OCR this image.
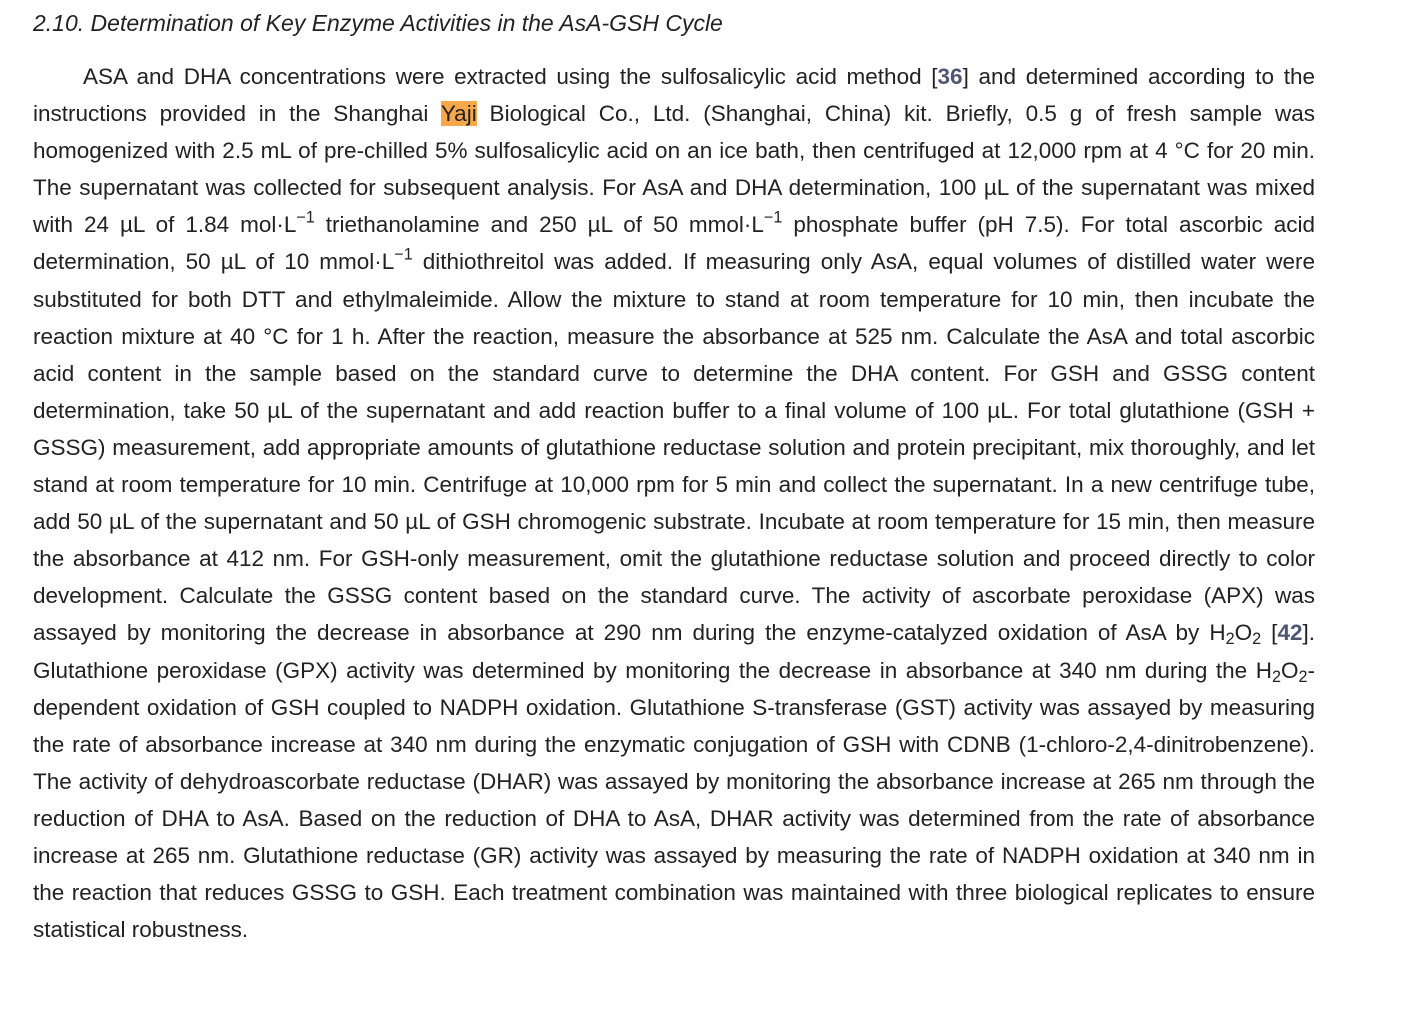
2.10. Determination of Key Enzyme Activities in the AsA-GSH Cycle

ASA and DHA concentrations were extracted using the sulfosalicylic acid method [36] and determined according to the instructions provided in the Shanghai Yaji Biological Co., Ltd. (Shanghai, China) kit. Briefly, 0.5 g of fresh sample was homogenized with 2.5 mL of pre-chilled 5% sulfosalicylic acid on an ice bath, then centrifuged at 12,000 rpm at 4 °C for 20 min. The supernatant was collected for subsequent analysis. For AsA and DHA determination, 100 µL of the supernatant was mixed with 24 µL of 1.84 $mol\cdot L^{-1}$ triethanolamine and 250 µL of 50 $mmol\cdot L^{-1}$ phosphate buffer (pH 7.5). For total ascorbic acid determination, 50 µL of 10 $mmol\cdot L^{-1}$ dithiothreitol was added. If measuring only AsA, equal volumes of distilled water were substituted for both DTT and ethylmaleimide. Allow the mixture to stand at room temperature for 10 min, then incubate the reaction mixture at 40 °C for 1 h. After the reaction, measure the absorbance at 525 nm. Calculate the AsA and total ascorbic acid content in the sample based on the standard curve to determine the DHA content. For GSH and GSSG content determination, take 50 µL of the supernatant and add reaction buffer to a final volume of 100 µL. For total glutathione (GSH + GSSG) measurement, add appropriate amounts of glutathione reductase solution and protein precipitant, mix thoroughly, and let stand at room temperature for 10 min. Centrifuge at 10,000 rpm for 5 min and collect the supernatant. In a new centrifuge tube, add 50 µL of the supernatant and 50 µL of GSH chromogenic substrate. Incubate at room temperature for 15 min, then measure the absorbance at 412 nm. For GSH-only measurement, omit the glutathione reductase solution and proceed directly to color development. Calculate the GSSG content based on the standard curve. The activity of ascorbate peroxidase (APX) was assayed by monitoring the decrease in absorbance at 290 nm during the enzyme-catalyzed oxidation of AsA by $H_2O_2$ [42]. Glutathione peroxidase (GPX) activity was determined by monitoring the decrease in absorbance at 340 nm during the $H_2O_2$-dependent oxidation of GSH coupled to NADPH oxidation. Glutathione S-transferase (GST) activity was assayed by measuring the rate of absorbance increase at 340 nm during the enzymatic conjugation of GSH with CDNB (1-chloro-2,4-dinitrobenzene). The activity of dehydroascorbate reductase (DHAR) was assayed by monitoring the absorbance increase at 265 nm through the reduction of DHA to AsA. Based on the reduction of DHA to AsA, DHAR activity was determined from the rate of absorbance increase at 265 nm. Glutathione reductase (GR) activity was assayed by measuring the rate of NADPH oxidation at 340 nm in the reaction that reduces GSSG to GSH. Each treatment combination was maintained with three biological replicates to ensure statistical robustness.
